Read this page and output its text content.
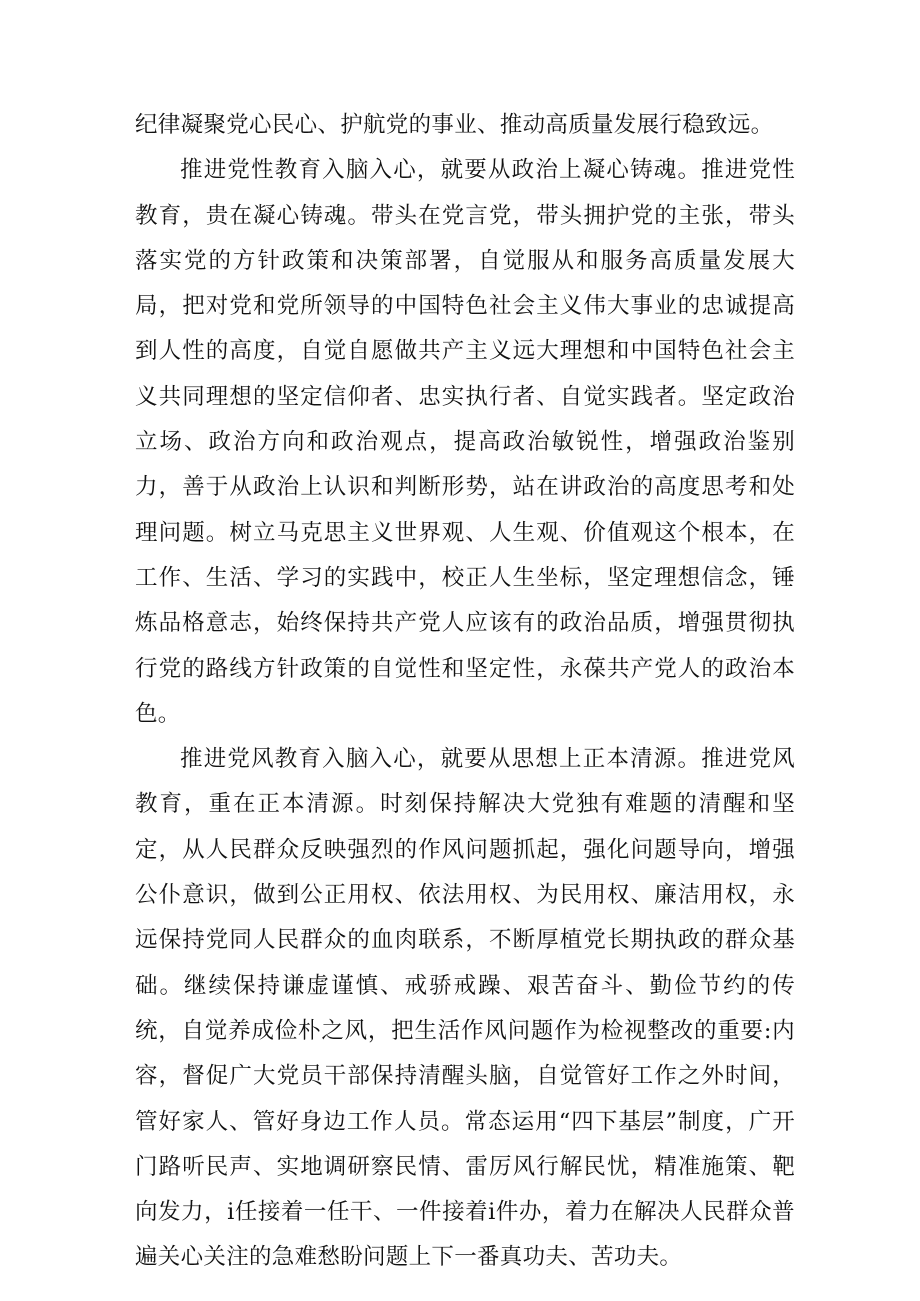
纪律凝聚党心民心、护航党的事业、推动高质量发展行稳致远。

推进党性教育入脑入心，就要从政治上凝心铸魂。推进党性教育，贵在凝心铸魂。带头在党言党，带头拥护党的主张，带头落实党的方针政策和决策部署，自觉服从和服务高质量发展大局，把对党和党所领导的中国特色社会主义伟大事业的忠诚提高到人性的高度，自觉自愿做共产主义远大理想和中国特色社会主义共同理想的坚定信仰者、忠实执行者、自觉实践者。坚定政治立场、政治方向和政治观点，提高政治敏锐性，增强政治鉴别力，善于从政治上认识和判断形势，站在讲政治的高度思考和处理问题。树立马克思主义世界观、人生观、价值观这个根本，在工作、生活、学习的实践中，校正人生坐标，坚定理想信念，锤炼品格意志，始终保持共产党人应该有的政治品质，增强贯彻执行党的路线方针政策的自觉性和坚定性，永葆共产党人的政治本色。

推进党风教育入脑入心，就要从思想上正本清源。推进党风教育，重在正本清源。时刻保持解决大党独有难题的清醒和坚定，从人民群众反映强烈的作风问题抓起，强化问题导向，增强公仆意识，做到公正用权、依法用权、为民用权、廉洁用权，永远保持党同人民群众的血肉联系，不断厚植党长期执政的群众基础。继续保持谦虚谨慎、戒骄戒躁、艰苦奋斗、勤俭节约的传统，自觉养成俭朴之风，把生活作风问题作为检视整改的重要:内容，督促广大党员干部保持清醒头脑，自觉管好工作之外时间，管好家人、管好身边工作人员。常态运用“四下基层”制度，广开门路听民声、实地调研察民情、雷厉风行解民忧，精准施策、靶向发力，i任接着一任干、一件接着i件办，着力在解决人民群众普遍关心关注的急难愁盼问题上下一番真功夫、苦功夫。
